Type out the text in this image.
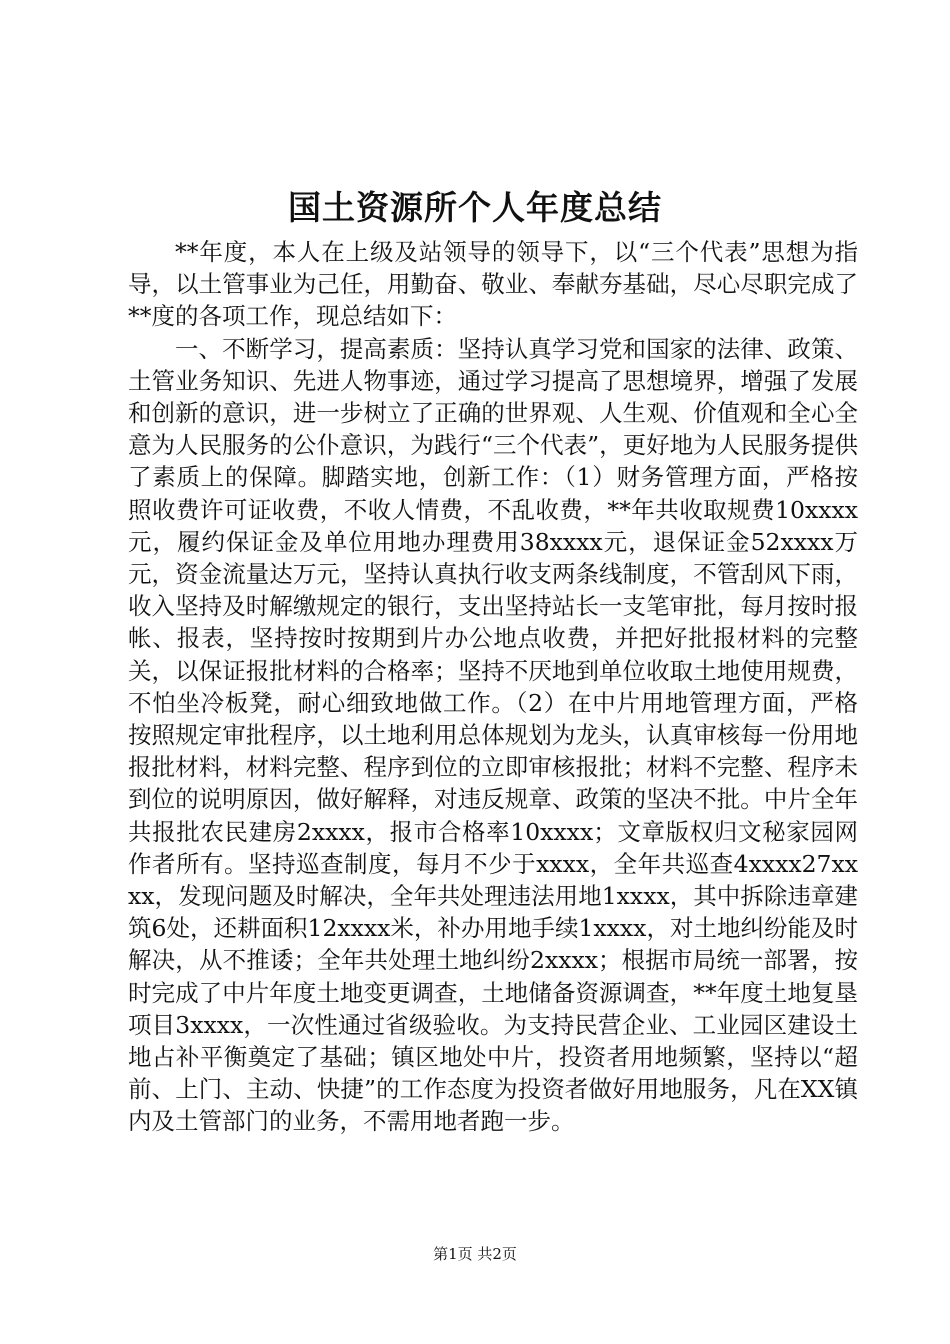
国土资源所个人年度总结

**年度，本人在上级及站领导的领导下，以“三个代表”思想为指导，以土管事业为己任，用勤奋、敬业、奉献夯基础，尽心尽职完成了**度的各项工作，现总结如下：

一、不断学习，提高素质：坚持认真学习党和国家的法律、政策、土管业务知识、先进人物事迹，通过学习提高了思想境界，增强了发展和创新的意识，进一步树立了正确的世界观、人生观、价值观和全心全意为人民服务的公仆意识，为践行“三个代表”，更好地为人民服务提供了素质上的保障。脚踏实地，创新工作：（1）财务管理方面，严格按照收费许可证收费，不收人情费，不乱收费，**年共收取规费10xxxx元，履约保证金及单位用地办理费用38xxxx元，退保证金52xxxx万元，资金流量达万元，坚持认真执行收支两条线制度，不管刮风下雨，收入坚持及时解缴规定的银行，支出坚持站长一支笔审批，每月按时报帐、报表，坚持按时按期到片办公地点收费，并把好批报材料的完整关，以保证报批材料的合格率；坚持不厌地到单位收取土地使用规费，不怕坐冷板凳，耐心细致地做工作。（2）在中片用地管理方面，严格按照规定审批程序，以土地利用总体规划为龙头，认真审核每一份用地报批材料，材料完整、程序到位的立即审核报批；材料不完整、程序未到位的说明原因，做好解释，对违反规章、政策的坚决不批。中片全年共报批农民建房2xxxx，报市合格率10xxxx；文章版权归文秘家园网作者所有。坚持巡查制度，每月不少于xxxx，全年共巡查4xxxx27xxxx，发现问题及时解决，全年共处理违法用地1xxxx，其中拆除违章建筑6处，还耕面积12xxxx米，补办用地手续1xxxx，对土地纠纷能及时解决，从不推诿；全年共处理土地纠纷2xxxx；根据市局统一部署，按时完成了中片年度土地变更调查，土地储备资源调查，**年度土地复垦项目3xxxx，一次性通过省级验收。为支持民营企业、工业园区建设土地占补平衡奠定了基础；镇区地处中片，投资者用地频繁，坚持以“超前、上门、主动、快捷”的工作态度为投资者做好用地服务，凡在XX镇内及土管部门的业务，不需用地者跑一步。

第1页 共2页
